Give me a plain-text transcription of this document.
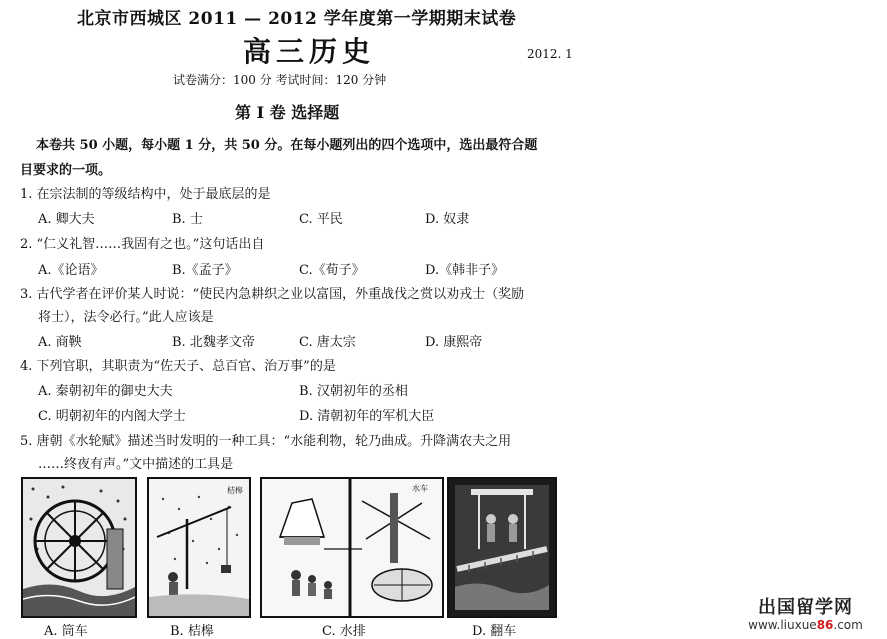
北京市西城区 2011 — 2012 学年度第一学期期末试卷
高三历史	2012. 1
试卷满分：100 分 考试时间：120 分钟
第 I 卷 选择题
本卷共 50 小题，每小题 1 分，共 50 分。在每小题列出的四个选项中，选出最符合题
目要求的一项。
1. 在宗法制的等级结构中，处于最底层的是
A. 卿大夫	B. 士	C. 平民	D. 奴隶
2. “仁义礼智……我固有之也。”这句话出自
A.《论语》	B.《孟子》	C.《荀子》	D.《韩非子》
3. 古代学者在评价某人时说：“使民内急耕织之业以富国，外重战伐之赏以劝戎士（奖励
将士），法令必行。”此人应该是
A. 商鞅	B. 北魏孝文帝	C. 唐太宗	D. 康熙帝
4. 下列官职，其职责为“佐天子、总百官、治万事”的是
A. 秦朝初年的御史大夫	B. 汉朝初年的丞相
C. 明朝初年的内阁大学士	D. 清朝初年的军机大臣
5. 唐朝《水轮赋》描述当时发明的一种工具：“水能利物，轮乃曲成。升降满农夫之用
……终夜有声。”文中描述的工具是
桔槔	水车
A. 筒车	B. 桔槔	C. 水排	D. 翻车
出国留学网
www.liuxue86.com
